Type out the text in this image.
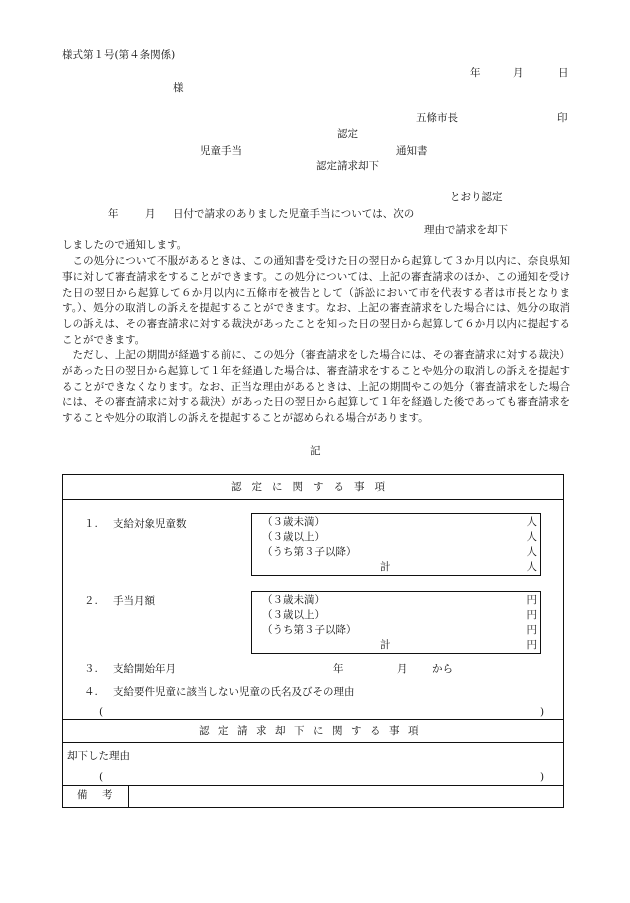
様式第１号(第４条関係)
年	月	日
様
五條市長	印
認定
児童手当	通知書
認定請求却下
とおり認定
年	月 日付で請求のありました児童手当については、次の
理由で請求を却下
しましたので通知します。
この処分について不服があるときは、この通知書を受けた日の翌日から起算して３か月以内に、奈良県知事に対して審査請求をすることができます。この処分については、上記の審査請求のほか、この通知を受けた日の翌日から起算して６か月以内に五條市を被告として（訴訟において市を代表する者は市長となります。）、処分の取消しの訴えを提起することができます。なお、上記の審査請求をした場合には、処分の取消しの訴えは、その審査請求に対する裁決があったことを知った日の翌日から起算して６か月以内に提起することができます。
ただし、上記の期間が経過する前に、この処分（審査請求をした場合には、その審査請求に対する裁決）があった日の翌日から起算して１年を経過した場合は、審査請求をすることや処分の取消しの訴えを提起することができなくなります。なお、正当な理由があるときは、上記の期間やこの処分（審査請求をした場合には、その審査請求に対する裁決）があった日の翌日から起算して１年を経過した後であっても審査請求をすることや処分の取消しの訴えを提起することが認められる場合があります。
記
認定に関する事項
１. 支給対象児童数	（３歳未満）	人
（３歳以上）	人
（うち第３子以降）	人
計	人
２. 手当月額	（３歳未満）	円
（３歳以上）	円
（うち第３子以降）	円
計	円
３. 支給開始年月	年	月 から
４. 支給要件児童に該当しない児童の氏名及びその理由
(	)
認定請求却下に関する事項
却下した理由
(	)
備　考
